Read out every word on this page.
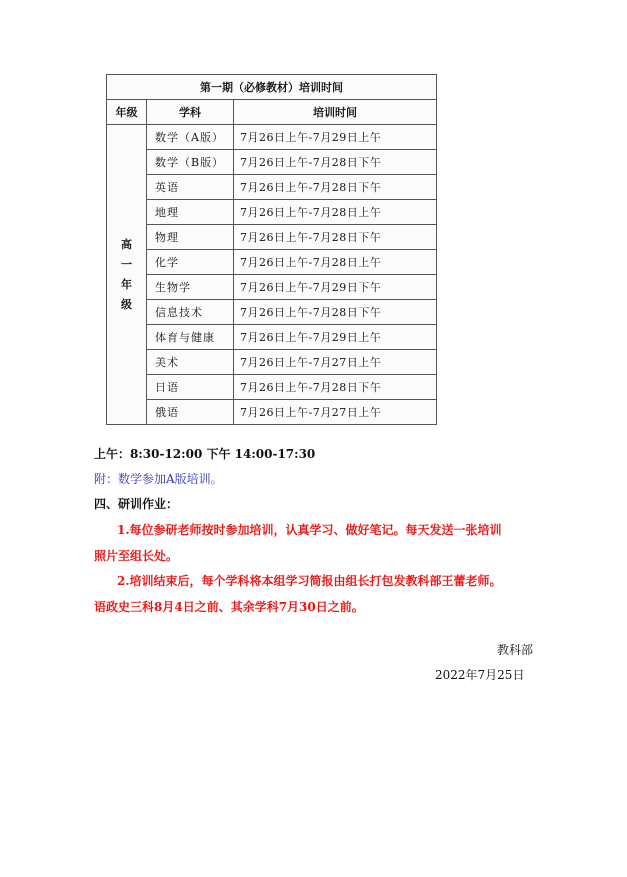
第一期（必修教材）培训时间		
年级	学科	培训时间

高
一
年
级	数学（A版）	7月26日上午-7月29日上午
	数学（B版）	7月26日上午-7月28日下午
	英语	7月26日上午-7月28日下午
	地理	7月26日上午-7月28日上午
	物理	7月26日上午-7月28日下午
	化学	7月26日上午-7月28日上午
	生物学	7月26日上午-7月29日下午
	信息技术	7月26日上午-7月28日下午
	体育与健康	7月26日上午-7月29日上午
	美术	7月26日上午-7月27日上午
	日语	7月26日上午-7月28日下午
	俄语	7月26日上午-7月27日上午
上午：8:30-12:00 下午 14:00-17:30
附：数学参加A版培训。
四、研训作业：
1.每位参研老师按时参加培训，认真学习、做好笔记。每天发送一张培训
照片至组长处。
2.培训结束后，每个学科将本组学习简报由组长打包发教科部王蕾老师。
语政史三科8月4日之前、其余学科7月30日之前。
教科部
2022年7月25日
